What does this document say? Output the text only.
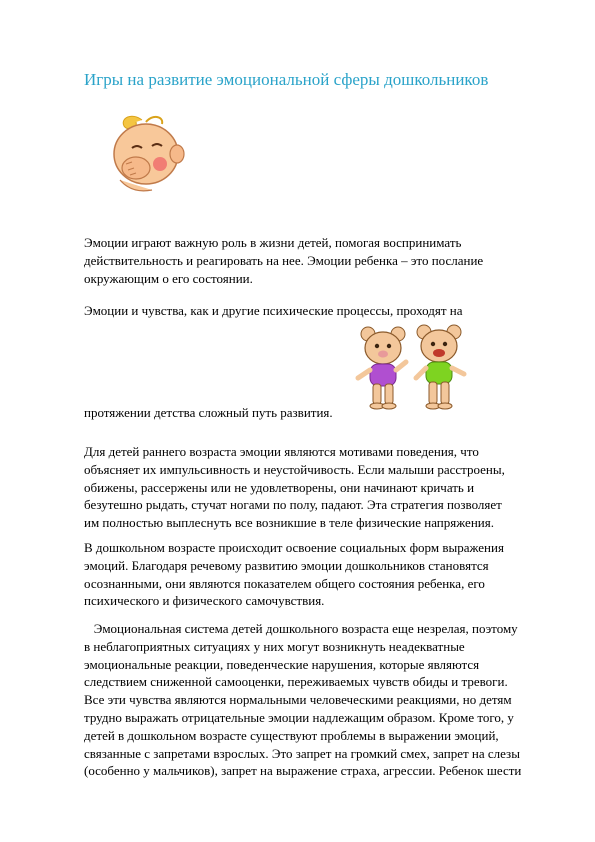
Игры на развитие эмоциональной сферы дошкольников
Эмоции играют важную роль в жизни детей, помогая воспринимать
действительность и реагировать на нее. Эмоции ребенка – это послание
окружающим о его состоянии.
Эмоции и чувства, как и другие психические процессы, проходят на
протяжении детства сложный путь развития.
Для детей раннего возраста эмоции являются мотивами поведения, что
объясняет их импульсивность и неустойчивость. Если малыши расстроены,
обижены, рассержены или не удовлетворены, они начинают кричать и
безутешно рыдать, стучат ногами по полу, падают. Эта стратегия позволяет
им полностью выплеснуть все возникшие в теле физические напряжения.
В дошкольном возрасте происходит освоение социальных форм выражения
эмоций. Благодаря речевому развитию эмоции дошкольников становятся
осознанными, они являются показателем общего состояния ребенка, его
психического и физического самочувствия.
Эмоциональная система детей дошкольного возраста еще незрелая, поэтому
в неблагоприятных ситуациях у них могут возникнуть неадекватные
эмоциональные реакции, поведенческие нарушения, которые являются
следствием сниженной самооценки, переживаемых чувств обиды и тревоги.
Все эти чувства являются нормальными человеческими реакциями, но детям
трудно выражать отрицательные эмоции надлежащим образом. Кроме того, у
детей в дошкольном возрасте существуют проблемы в выражении эмоций,
связанные с запретами взрослых. Это запрет на громкий смех, запрет на слезы
(особенно у мальчиков), запрет на выражение страха, агрессии. Ребенок шести
